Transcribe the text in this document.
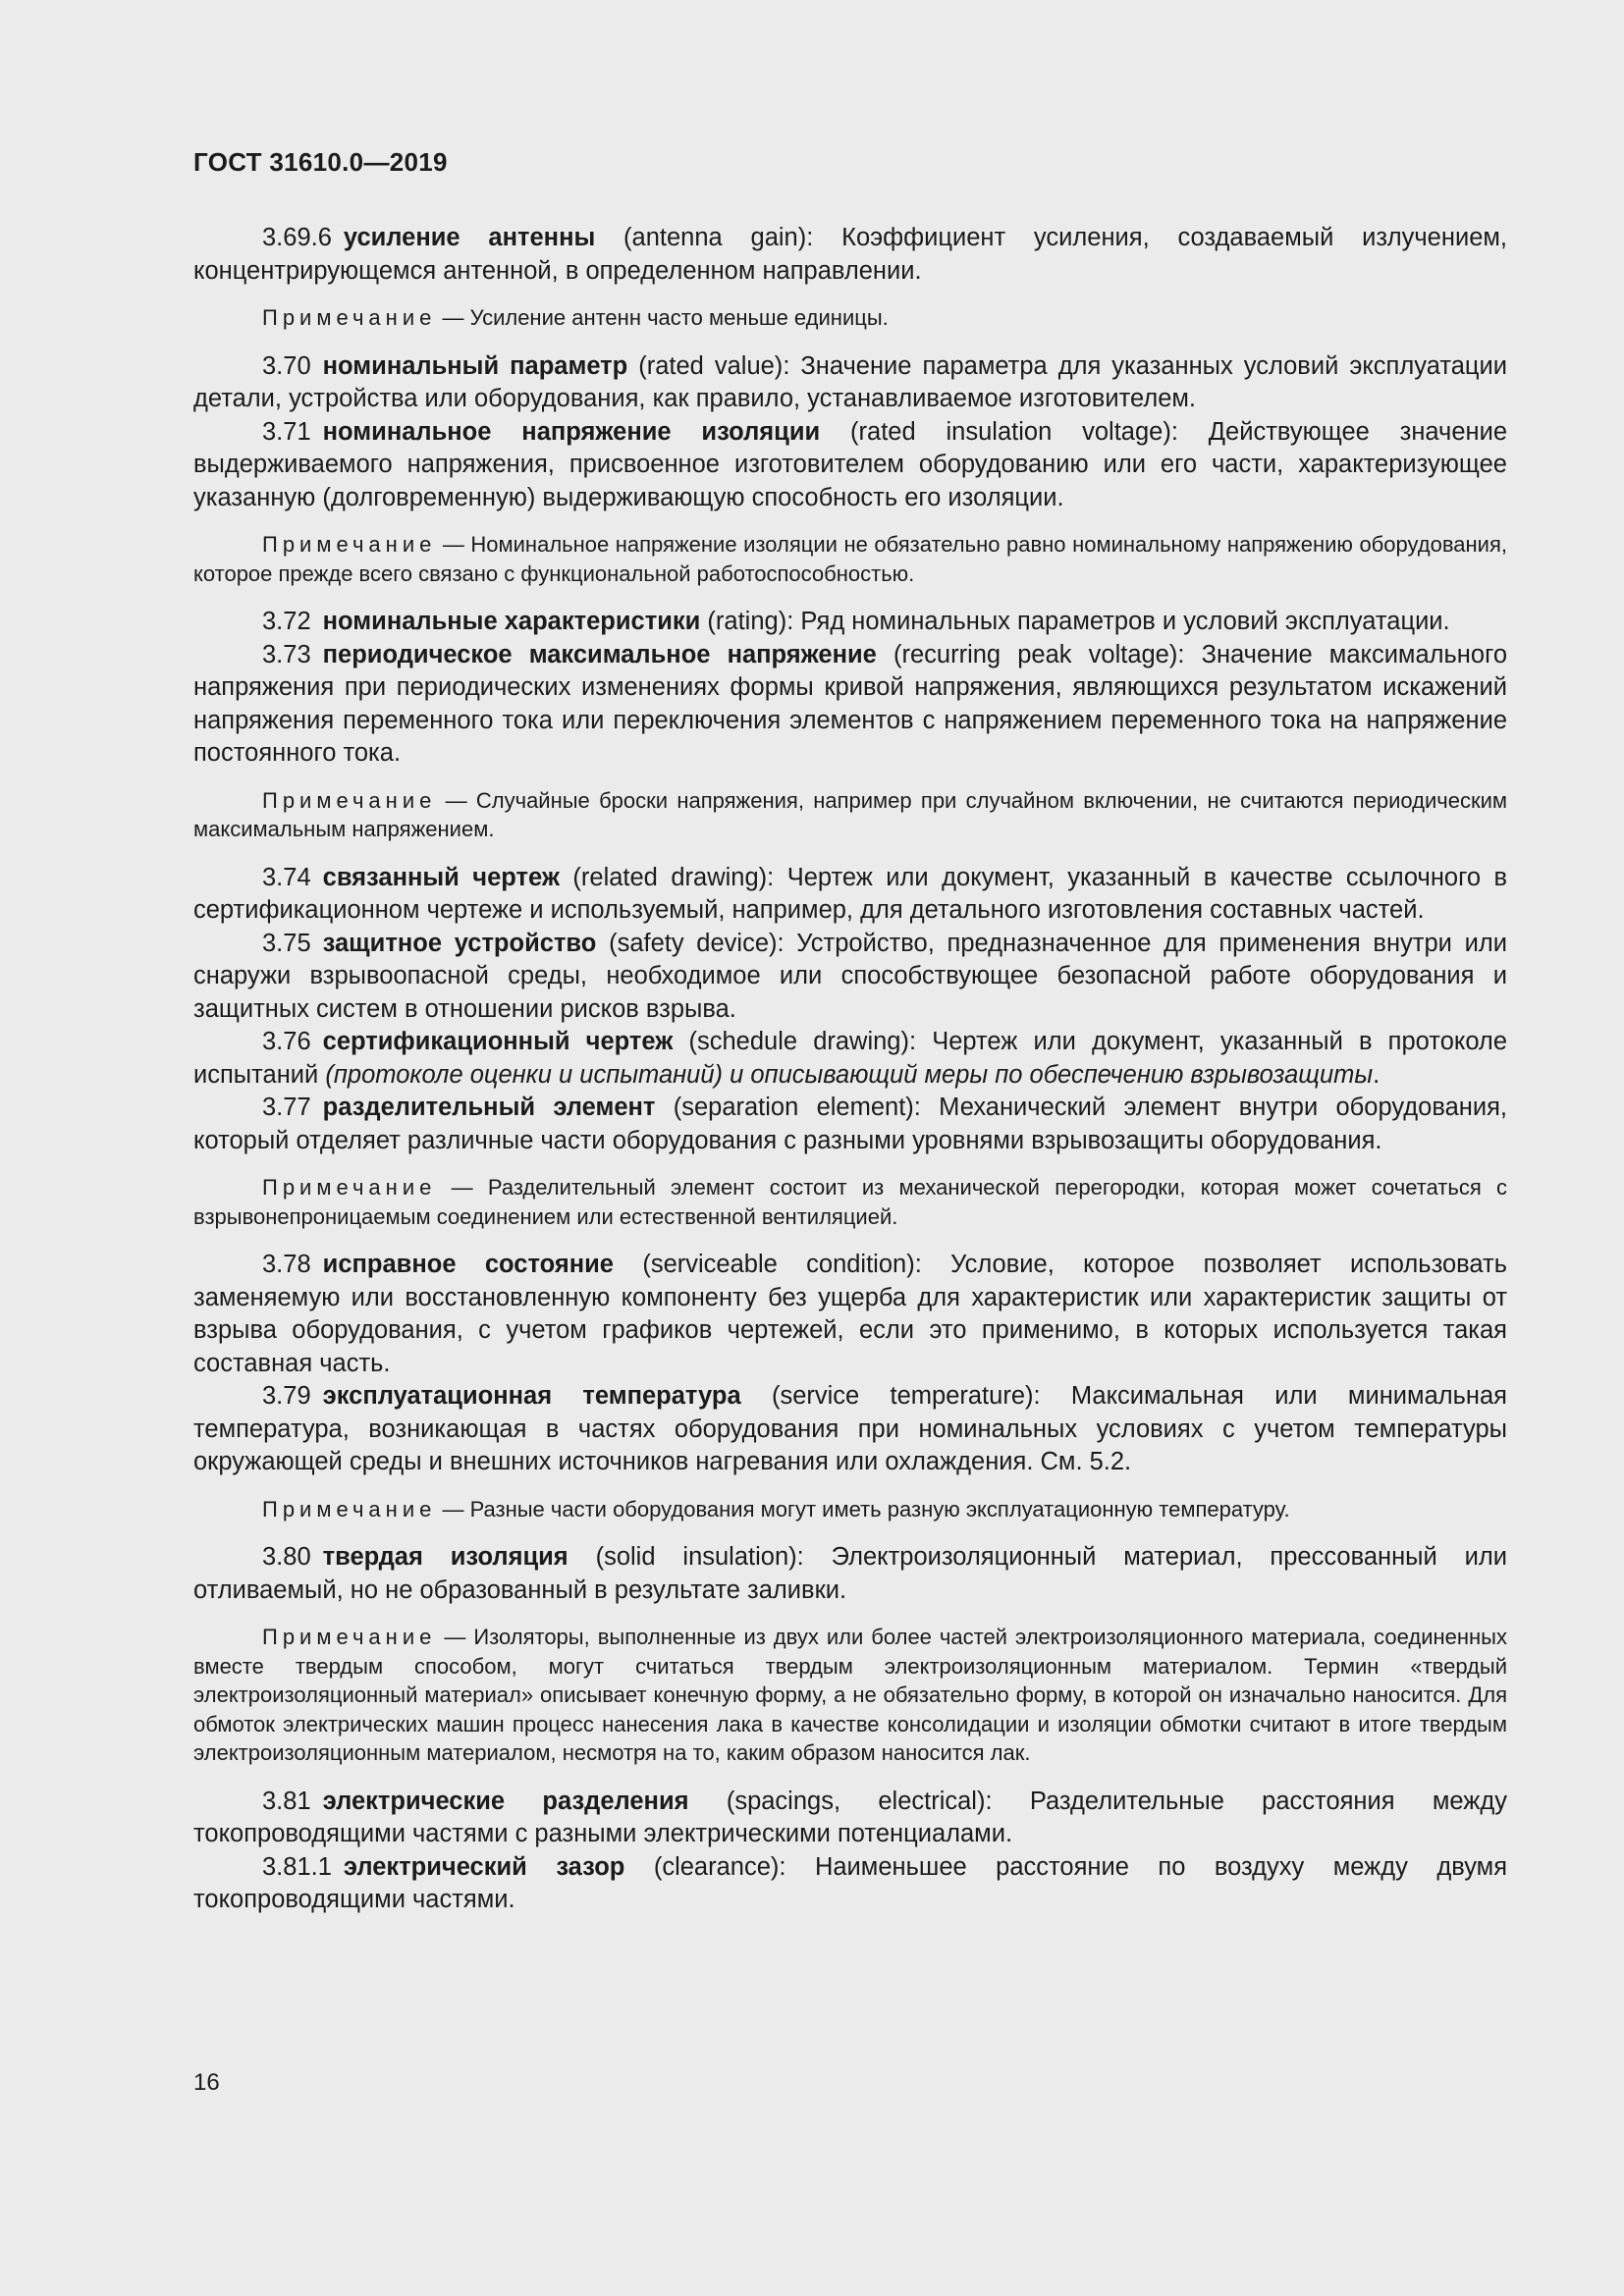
ГОСТ 31610.0—2019

3.69.6 усиление антенны (antenna gain): Коэффициент усиления, создаваемый излучением, концентрирующемся антенной, в определенном направлении.

Примечание — Усиление антенн часто меньше единицы.

3.70 номинальный параметр (rated value): Значение параметра для указанных условий эксплуатации детали, устройства или оборудования, как правило, устанавливаемое изготовителем.

3.71 номинальное напряжение изоляции (rated insulation voltage): Действующее значение выдерживаемого напряжения, присвоенное изготовителем оборудованию или его части, характеризующее указанную (долговременную) выдерживающую способность его изоляции.

Примечание — Номинальное напряжение изоляции не обязательно равно номинальному напряжению оборудования, которое прежде всего связано с функциональной работоспособностью.

3.72 номинальные характеристики (rating): Ряд номинальных параметров и условий эксплуатации.

3.73 периодическое максимальное напряжение (recurring peak voltage): Значение максимального напряжения при периодических изменениях формы кривой напряжения, являющихся результатом искажений напряжения переменного тока или переключения элементов с напряжением переменного тока на напряжение постоянного тока.

Примечание — Случайные броски напряжения, например при случайном включении, не считаются периодическим максимальным напряжением.

3.74 связанный чертеж (related drawing): Чертеж или документ, указанный в качестве ссылочного в сертификационном чертеже и используемый, например, для детального изготовления составных частей.

3.75 защитное устройство (safety device): Устройство, предназначенное для применения внутри или снаружи взрывоопасной среды, необходимое или способствующее безопасной работе оборудования и защитных систем в отношении рисков взрыва.

3.76 сертификационный чертеж (schedule drawing): Чертеж или документ, указанный в протоколе испытаний (протоколе оценки и испытаний) и описывающий меры по обеспечению взрывозащиты.

3.77 разделительный элемент (separation element): Механический элемент внутри оборудования, который отделяет различные части оборудования с разными уровнями взрывозащиты оборудования.

Примечание — Разделительный элемент состоит из механической перегородки, которая может сочетаться с взрывонепроницаемым соединением или естественной вентиляцией.

3.78 исправное состояние (serviceable condition): Условие, которое позволяет использовать заменяемую или восстановленную компоненту без ущерба для характеристик или характеристик защиты от взрыва оборудования, с учетом графиков чертежей, если это применимо, в которых используется такая составная часть.

3.79 эксплуатационная температура (service temperature): Максимальная или минимальная температура, возникающая в частях оборудования при номинальных условиях с учетом температуры окружающей среды и внешних источников нагревания или охлаждения. См. 5.2.

Примечание — Разные части оборудования могут иметь разную эксплуатационную температуру.

3.80 твердая изоляция (solid insulation): Электроизоляционный материал, прессованный или отливаемый, но не образованный в результате заливки.

Примечание — Изоляторы, выполненные из двух или более частей электроизоляционного материала, соединенных вместе твердым способом, могут считаться твердым электроизоляционным материалом. Термин «твердый электроизоляционный материал» описывает конечную форму, а не обязательно форму, в которой он изначально наносится. Для обмоток электрических машин процесс нанесения лака в качестве консолидации и изоляции обмотки считают в итоге твердым электроизоляционным материалом, несмотря на то, каким образом наносится лак.

3.81 электрические разделения (spacings, electrical): Разделительные расстояния между токопроводящими частями с разными электрическими потенциалами.

3.81.1 электрический зазор (clearance): Наименьшее расстояние по воздуху между двумя токопроводящими частями.

16
